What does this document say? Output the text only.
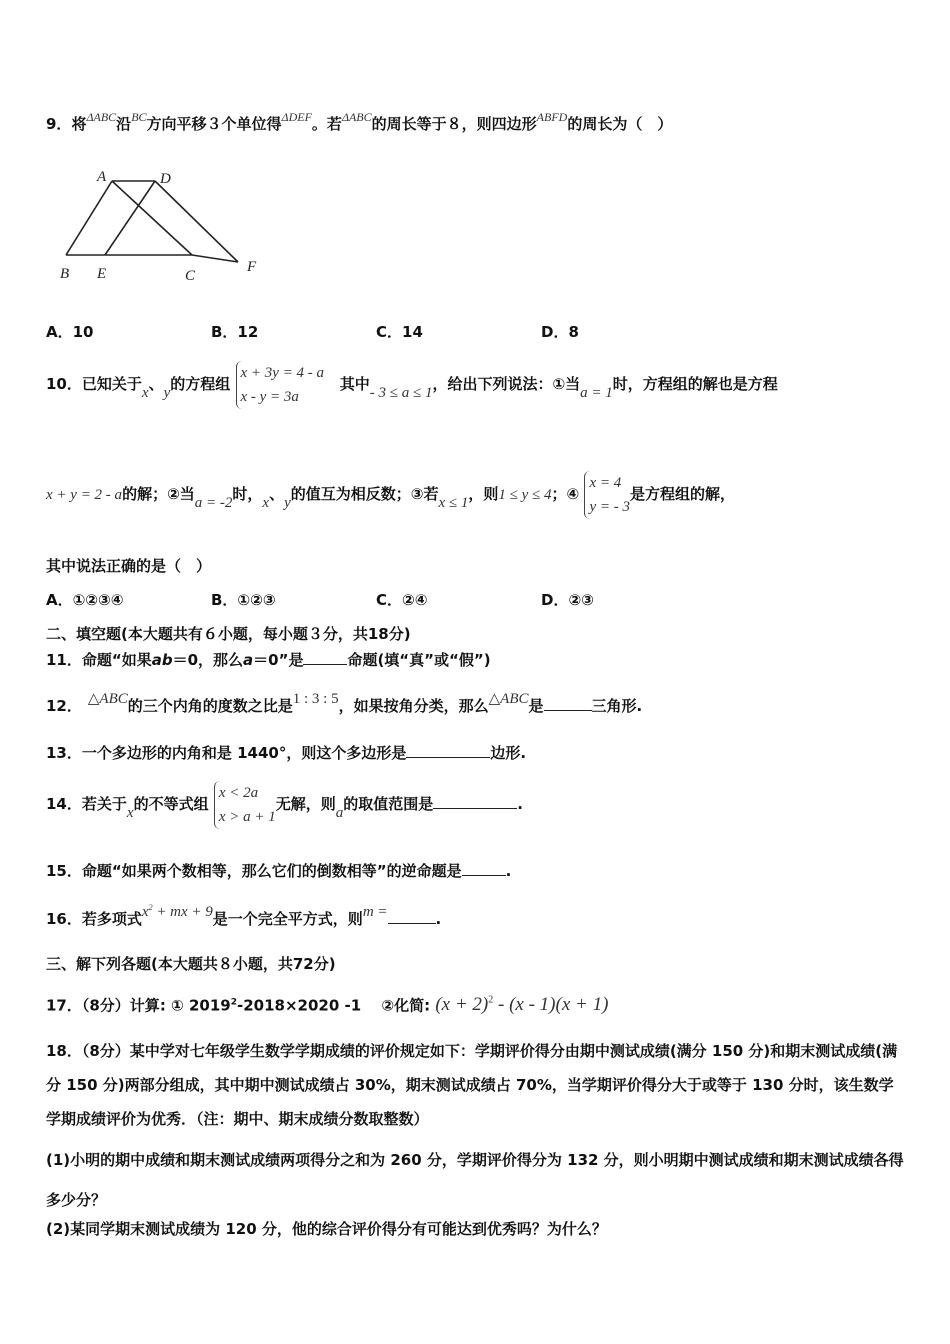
9．将$^{\Delta ABC}$沿$^{BC}$方向平移３个单位得$^{\Delta DEF}$。若$^{\Delta ABC}$的周长等于８，则四边形$^{ABFD}$的周长为（　）
A	D
B E	C
F
A．10	B．12	C．14	D．8
10．已知关于x、y的方程组 x + 3y = 4 - a
x - y = 3a   其中- 3 ≤ a ≤ 1，给出下列说法：①当a = 1时，方程组的解也是方程
x + y = 2 - a的解；②当a = -2时，x、y的值互为相反数；③若x ≤ 1，则1 ≤ y ≤ 4；④ x = 4
y = - 3是方程组的解，
其中说法正确的是（　）
A．①②③④	B．①②③	C．②④	D．②③
二、填空题(本大题共有６小题，每小题３分，共18分)
11．命题“如果ab＝0，那么a＝0”是	命题(填“真”或“假”)
12． △ABC的三个内角的度数之比是1 : 3 : 5，如果按角分类，那么△ABC是	三角形.
13．一个多边形的内角和是 1440°，则这个多边形是	边形.
14．若关于x的不等式组 x < 2a
x > a + 1无解，则a的取值范围是	.
15．命题“如果两个数相等，那么它们的倒数相等”的逆命题是	.
16．若多项式$x^2$ + mx + 9是一个完全平方式，则m =	.
三、解下列各题(本大题共８小题，共72分)
17．（8分）计算: ① $2019^2-2018\times 2020$ -1　 ②化简: $(x + 2)^2 - (x - 1)(x + 1)$
18．（8分）某中学对七年级学生数学学期成绩的评价规定如下：学期评价得分由期中测试成绩(满分 150 分)和期末测试成绩(满分 150 分)两部分组成，其中期中测试成绩占 30%，期末测试成绩占 70%，当学期评价得分大于或等于 130 分时，该生数学学期成绩评价为优秀．（注：期中、期末成绩分数取整数）
(1)小明的期中成绩和期末测试成绩两项得分之和为 260 分，学期评价得分为 132 分，则小明期中测试成绩和期末测试成绩各得多少分？
(2)某同学期末测试成绩为 120 分，他的综合评价得分有可能达到优秀吗？为什么？
